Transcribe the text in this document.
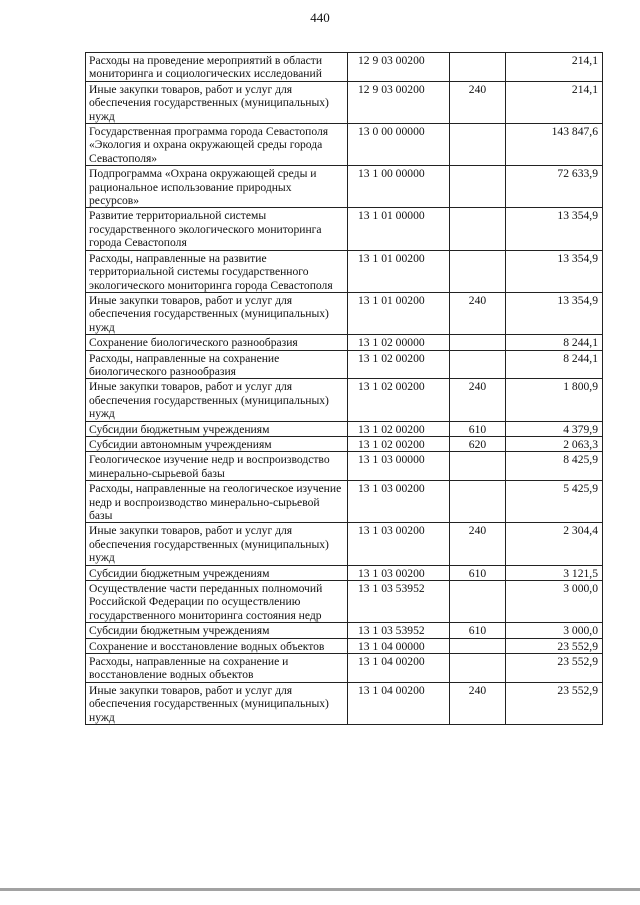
440
Расходы на проведение мероприятий в области мониторинга и социологических исследований	12 9 03 00200		214,1
Иные закупки товаров, работ и услуг для обеспечения государственных (муниципальных) нужд	12 9 03 00200	240	214,1
Государственная программа города Севастополя «Экология и охрана окружающей среды города Севастополя»	13 0 00 00000		143 847,6
Подпрограмма «Охрана окружающей среды и рациональное использование природных ресурсов»	13 1 00 00000		72 633,9
Развитие территориальной системы государственного экологического мониторинга города Севастополя	13 1 01 00000		13 354,9
Расходы, направленные на развитие территориальной системы государственного экологического мониторинга города Севастополя	13 1 01 00200		13 354,9
Иные закупки товаров, работ и услуг для обеспечения государственных (муниципальных) нужд	13 1 01 00200	240	13 354,9
Сохранение биологического разнообразия	13 1 02 00000		8 244,1
Расходы, направленные на сохранение биологического разнообразия	13 1 02 00200		8 244,1
Иные закупки товаров, работ и услуг для обеспечения государственных (муниципальных) нужд	13 1 02 00200	240	1 800,9
Субсидии бюджетным учреждениям	13 1 02 00200	610	4 379,9
Субсидии автономным учреждениям	13 1 02 00200	620	2 063,3
Геологическое изучение недр и воспроизводство минерально-сырьевой базы	13 1 03 00000		8 425,9
Расходы, направленные на геологическое изучение недр и воспроизводство минерально-сырьевой базы	13 1 03 00200		5 425,9
Иные закупки товаров, работ и услуг для обеспечения государственных (муниципальных) нужд	13 1 03 00200	240	2 304,4
Субсидии бюджетным учреждениям	13 1 03 00200	610	3 121,5
Осуществление части переданных полномочий Российской Федерации по осуществлению государственного мониторинга состояния недр	13 1 03 53952		3 000,0
Субсидии бюджетным учреждениям	13 1 03 53952	610	3 000,0
Сохранение и восстановление водных объектов	13 1 04 00000		23 552,9
Расходы, направленные на сохранение и восстановление водных объектов	13 1 04 00200		23 552,9
Иные закупки товаров, работ и услуг для обеспечения государственных (муниципальных) нужд	13 1 04 00200	240	23 552,9
